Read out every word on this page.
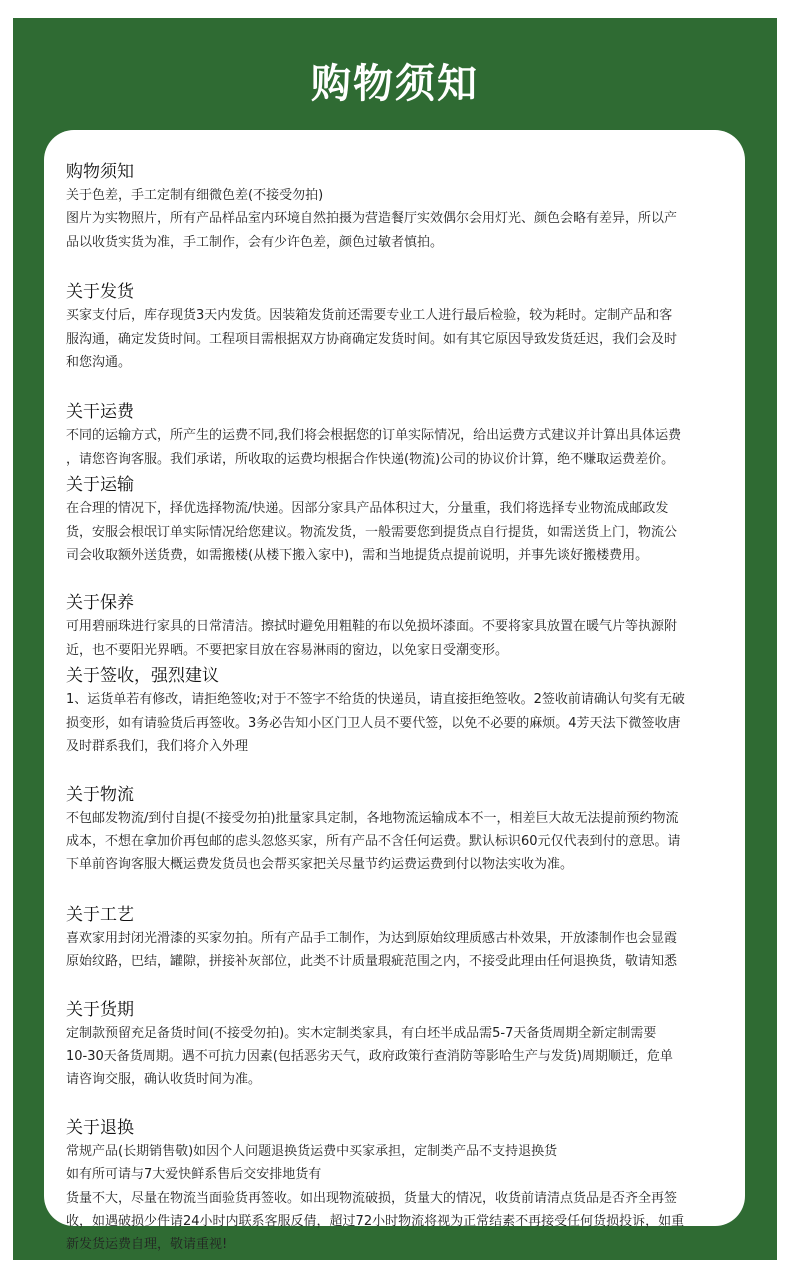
购物须知
购物须知

关于色差，手工定制有细微色差(不接受勿拍)
图片为实物照片，所有产品样品室内环境自然拍摄为营造餐厅实效偶尔会用灯光、颜色会略有差异，所以产
品以收货实货为准，手工制作，会有少许色差，颜色过敏者慎拍。

关于发货

买家支付后，库存现货3天内发货。因装箱发货前还需要专业工人进行最后检验，较为耗时。定制产品和客
服沟通，确定发货时间。工程项目需根据双方协商确定发货时间。如有其它原因导致发货廷迟，我们会及时
和您沟通。

关干运费

不同的运输方式，所产生的运费不同,我们将会根据您的订单实际情况，给出运费方式建议并计算出具体运费
，请您咨询客服。我们承诺，所收取的运费均根据合作快递(物流)公司的协议价计算，绝不赚取运费差价。

关于运输

在合理的情况下，择优选择物流/快递。因部分家具产品体积过大，分量重，我们将选择专业物流成邮政发
货，安服会根氓订单实际情况给您建议。物流发货，一般需要您到提货点自行提货，如需送货上门，物流公
司会收取额外送货费，如需搬楼(从楼下搬入家中)，需和当地提货点提前说明，并事先谈好搬楼费用。

关于保养

可用碧丽珠进行家具的日常清洁。擦拭时避免用粗鞋的布以免损坏漆面。不要将家具放置在暖气片等执源附
近，也不要阳光界晒。不要把家目放在容易淋雨的窗边，以免家日受潮变形。

关于签收，强烈建议

1、运货单若有修改，请拒绝签收;对于不签字不给货的快递员，请直接拒绝签收。2签收前请确认句奖有无破
损变形，如有请验货后再签收。3务必告知小区门卫人员不要代签，以免不必要的麻烦。4芳天法下微签收唐
及时群系我们，我们将介入外理

关于物流

不包邮发物流/到付自提(不接受勿拍)批量家具定制，各地物流运输成本不一，相差巨大故无法提前预约物流
成本，不想在拿加价再包邮的虑头忽悠买家，所有产品不含任何运费。默认标识60元仅代表到付的意思。请
下单前咨询客服大概运费发货员也会帮买家把关尽量节约运费运费到付以物法实收为准。

关于工艺

喜欢家用封闭光滑漆的买家勿拍。所有产品手工制作，为达到原始纹理质感古朴效果，开放漆制作也会显霞
原始纹路，巴结，罐隙，拼接补灰部位，此类不计质量瑕疵范围之内，不接受此理由任何退换货，敬请知悉

关于货期

定制款预留充足备货时间(不接受勿拍)。实木定制类家具，有白坯半成品需5-7天备货周期全新定制需要
10-30天备货周期。遇不可抗力因素(包括恶劣天气，政府政策行查消防等影哈生产与发货)周期顺迁，危单
请咨询交服，确认收货时间为准。

关于退换

常规产品(长期销售敬)如因个人问题退换货运费中买家承担，定制类产品不支持退换货
如有所可请与7大爱快鲜系售后交安排地货有
货量不大，尽量在物流当面验货再签收。如出现物流破损，货量大的情况，收货前请清点货品是否齐全再签
收，如遇破损少件请24小时内联系客服反倩，超过72小时物流将视为正常结素不再接受任何货损投诉，如重
新发货运费自理，敬请重视!
